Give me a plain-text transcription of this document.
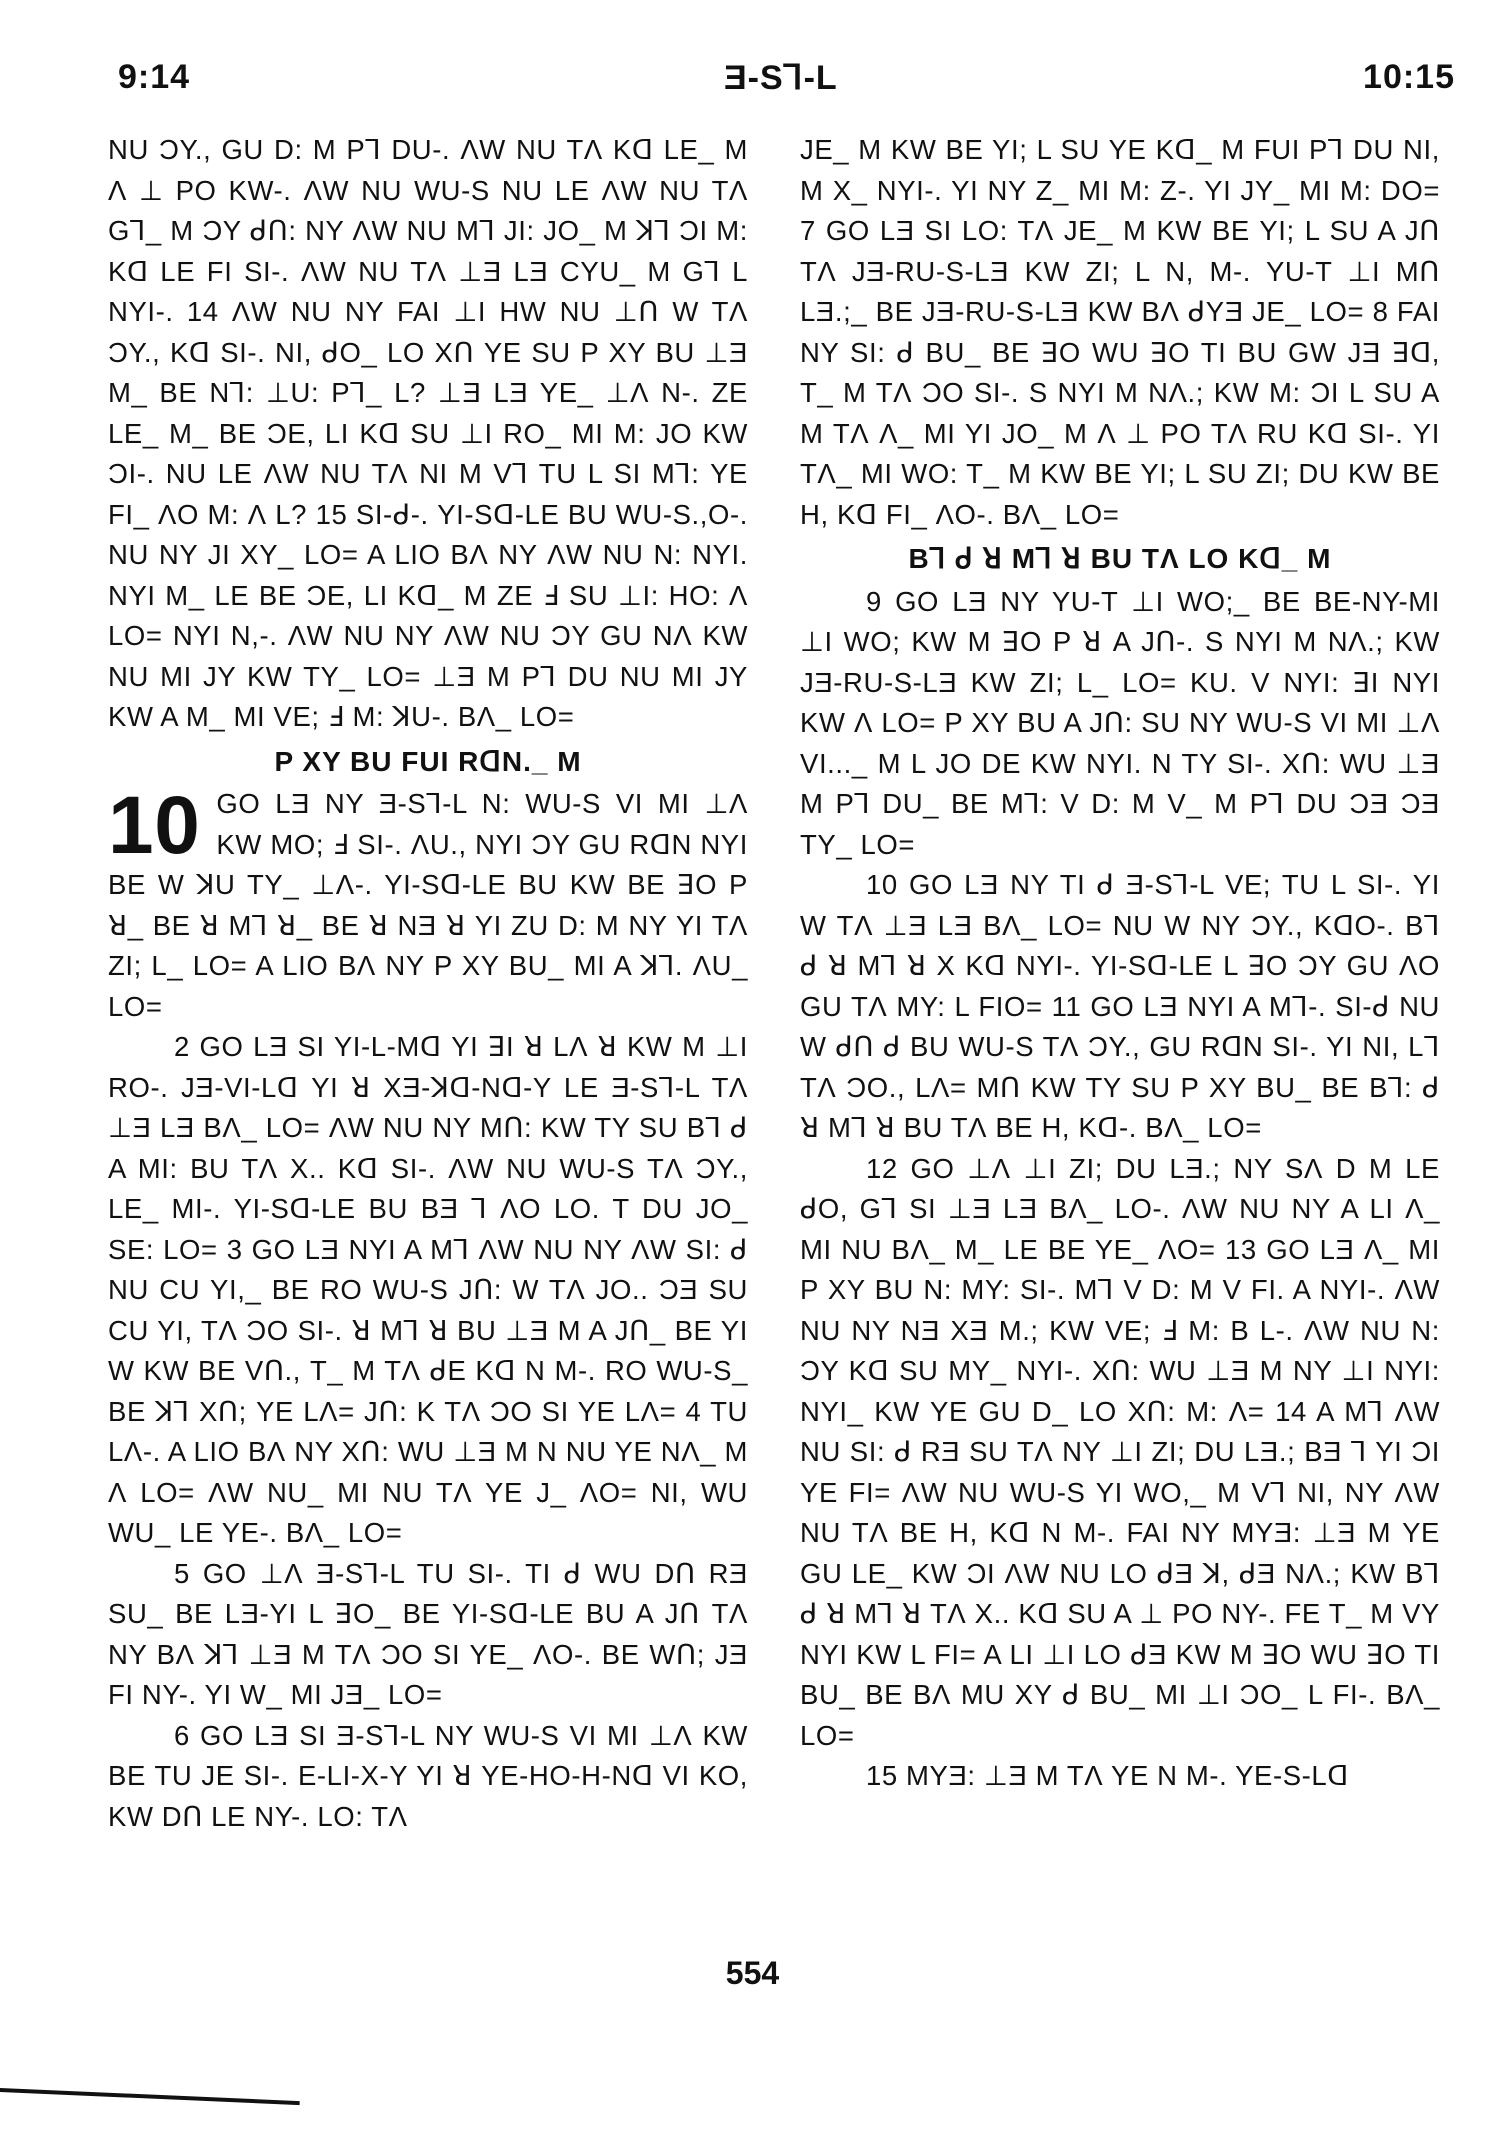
9:14	Ǝ-S⅂-L	10:15

NU ƆY., GU D: M P⅂ DU-. ɅW NU TɅ Kᗡ LE_ M Ʌ ⊥ PO KW-. ɅW NU WU-S NU LE ɅW NU TɅ G⅂_ M ƆY ᑯՈ: NY ɅW NU M⅂ JI: JO_ M ꓘ⅂ ƆI M: Kᗡ LE FI SI-. ɅW NU TɅ ⊥Ǝ LƎ CYU_ M G⅂ L NYI-. 14 ɅW NU NY FAI ⊥I HW NU ⊥Ո W TɅ ƆY., Kᗡ SI-. NI, ᑯO_ LO XՈ YE SU P XY BU ⊥Ǝ M_ BE N⅂: ⊥U: P⅂_ L? ⊥Ǝ LƎ YE_ ⊥Ʌ N-. ZE LE_ M_ BE ƆE, LI Kᗡ SU ⊥I RO_ MI M: JO KW ƆI-. NU LE ɅW NU TɅ NI M V⅂ TU L SI M⅂: YE FI_ ɅO M: Ʌ L? 15 SI-ᑯ-. YI-Sᗡ-LE BU WU-S.,O-. NU NY JI XY_ LO= A LIO BɅ NY ɅW NU N: NYI. NYI M_ LE BE ƆE, LI Kᗡ_ M ZE Ⅎ SU ⊥I: HO: Ʌ LO= NYI N,-. ɅW NU NY ɅW NU ƆY GU NɅ KW NU MI JY KW TY_ LO= ⊥Ǝ M P⅂ DU NU MI JY KW A M_ MI VE; Ⅎ M: ꓘU-. BɅ_ LO=

P XY BU FUI RᗡN._ M
10 GO LƎ NY Ǝ-S⅂-L N: WU-S VI MI ⊥Ʌ KW MO; Ⅎ SI-. ɅU., NYI ƆY GU RᗡN NYI BE W ꓘU TY_ ⊥Ʌ-. YI-Sᗡ-LE BU KW BE ꓱO P ꓤ_ BE ꓤ M⅂ ꓤ_ BE ꓤ NƎ ꓤ YI ZU D: M NY YI TɅ ZI; L_ LO= A LIO BɅ NY P XY BU_ MI A ꓘ⅂. ɅU_ LO=

2 GO LƎ SI YI-L-Mᗡ YI ꓱI ꓤ LɅ ꓤ KW M ⊥I RO-. JƎ-VI-Lᗡ YI ꓤ XƎ-ꓘᗡ-Nᗡ-Y LE Ǝ-S⅂-L TɅ ⊥Ǝ LƎ BɅ_ LO= ɅW NU NY MՈ: KW TY SU B⅂ ᑯ A MI: BU TɅ X.. Kᗡ SI-. ɅW NU WU-S TɅ ƆY., LE_ MI-. YI-Sᗡ-LE BU BƎ ⅂ ɅO LO. T DU JO_ SE: LO= 3 GO LƎ NYI A M⅂ ɅW NU NY ɅW SI: ᑯ NU CU YI,_ BE RO WU-S JՈ: W TɅ JO.. ƆƎ SU CU YI, TɅ ƆO SI-. ꓤ M⅂ ꓤ BU ⊥Ǝ M A JՈ_ BE YI W KW BE VՈ., T_ M TɅ ᑯE Kᗡ N M-. RO WU-S_ BE ꓘ⅂ XՈ; YE LɅ= JՈ: K TɅ ƆO SI YE LɅ= 4 TU LɅ-. A LIO BɅ NY XՈ: WU ⊥Ǝ M N NU YE NɅ_ M Ʌ LO= ɅW NU_ MI NU TɅ YE J_ ɅO= NI, WU WU_ LE YE-. BɅ_ LO=

5 GO ⊥Ʌ Ǝ-S⅂-L TU SI-. TI ᑯ WU DՈ RƎ SU_ BE LƎ-YI L ꓱO_ BE YI-Sᗡ-LE BU A JՈ TɅ NY BɅ ꓘ⅂ ⊥Ǝ M TɅ ƆO SI YE_ ɅO-. BE WՈ; JƎ FI NY-. YI W_ MI JƎ_ LO=

6 GO LƎ SI Ǝ-S⅂-L NY WU-S VI MI ⊥Ʌ KW BE TU JE SI-. E-LI-X-Y YI ꓤ YE-HO-H-Nᗡ VI KO, KW DՈ LE NY-. LO: TɅ

JE_ M KW BE YI; L SU YE Kᗡ_ M FUI P⅂ DU NI, M X_ NYI-. YI NY Z_ MI M: Z-. YI JY_ MI M: DO= 7 GO LƎ SI LO: TɅ JE_ M KW BE YI; L SU A JՈ TɅ JƎ-RU-S-LƎ KW ZI; L N, M-. YU-T ⊥I MՈ LƎ.;_ BE JƎ-RU-S-LƎ KW BɅ ᑯYƎ JE_ LO= 8 FAI NY SI: ᑯ BU_ BE ꓱO WU ꓱO TI BU GW JƎ ꓱᗡ, T_ M TɅ ƆO SI-. S NYI M NɅ.; KW M: ƆI L SU A M TɅ Ʌ_ MI YI JO_ M Ʌ ⊥ PO TɅ RU Kᗡ SI-. YI TɅ_ MI WO: T_ M KW BE YI; L SU ZI; DU KW BE H, Kᗡ FI_ ɅO-. BɅ_ LO=

B⅂ ᑯ ꓤ M⅂ ꓤ BU TɅ LO Kᗡ_ M

9 GO LƎ NY YU-T ⊥I WO;_ BE BE-NY-MI ⊥I WO; KW M ꓱO P ꓤ A JՈ-. S NYI M NɅ.; KW JƎ-RU-S-LƎ KW ZI; L_ LO= KU. V NYI: ꓱI NYI KW Ʌ LO= P XY BU A JՈ: SU NY WU-S VI MI ⊥Ʌ VI..._ M L JO DE KW NYI. N TY SI-. XՈ: WU ⊥Ǝ M P⅂ DU_ BE M⅂: V D: M V_ M P⅂ DU ƆƎ ƆƎ TY_ LO=

10 GO LƎ NY TI ᑯ Ǝ-S⅂-L VE; TU L SI-. YI W TɅ ⊥Ǝ LƎ BɅ_ LO= NU W NY ƆY., KᗡO-. B⅂ ᑯ ꓤ M⅂ ꓤ X Kᗡ NYI-. YI-Sᗡ-LE L ꓱO ƆY GU ɅO GU TɅ MY: L FIO= 11 GO LƎ NYI A M⅂-. SI-ᑯ NU W ᑯՈ ᑯ BU WU-S TɅ ƆY., GU RᗡN SI-. YI NI, L⅂ TɅ ƆO., LɅ= MՈ KW TY SU P XY BU_ BE B⅂: ᑯ ꓤ M⅂ ꓤ BU TɅ BE H, Kᗡ-. BɅ_ LO=

12 GO ⊥Ʌ ⊥I ZI; DU LƎ.; NY SɅ D M LE ᑯO, G⅂ SI ⊥Ǝ LƎ BɅ_ LO-. ɅW NU NY A LI Ʌ_ MI NU BɅ_ M_ LE BE YE_ ɅO= 13 GO LƎ Ʌ_ MI P XY BU N: MY: SI-. M⅂ V D: M V FI. A NYI-. ɅW NU NY NƎ XƎ M.; KW VE; Ⅎ M: B L-. ɅW NU N: ƆY Kᗡ SU MY_ NYI-. XՈ: WU ⊥Ǝ M NY ⊥I NYI: NYI_ KW YE GU D_ LO XՈ: M: Ʌ= 14 A M⅂ ɅW NU SI: ᑯ RƎ SU TɅ NY ⊥I ZI; DU LƎ.; BƎ ⅂ YI ƆI YE FI= ɅW NU WU-S YI WO,_ M V⅂ NI, NY ɅW NU TɅ BE H, Kᗡ N M-. FAI NY MYƎ: ⊥Ǝ M YE GU LE_ KW ƆI ɅW NU LO ᑯƎ ꓘ, ᑯƎ NɅ.; KW B⅂ ᑯ ꓤ M⅂ ꓤ TɅ X.. Kᗡ SU A ⊥ PO NY-. FE T_ M VY NYI KW L FI= A LI ⊥I LO ᑯƎ KW M ꓱO WU ꓱO TI BU_ BE BɅ MU XY ᑯ BU_ MI ⊥I ƆO_ L FI-. BɅ_ LO=

15 MYƎ: ⊥Ǝ M TɅ YE N M-. YE-S-Lᗡ

554
